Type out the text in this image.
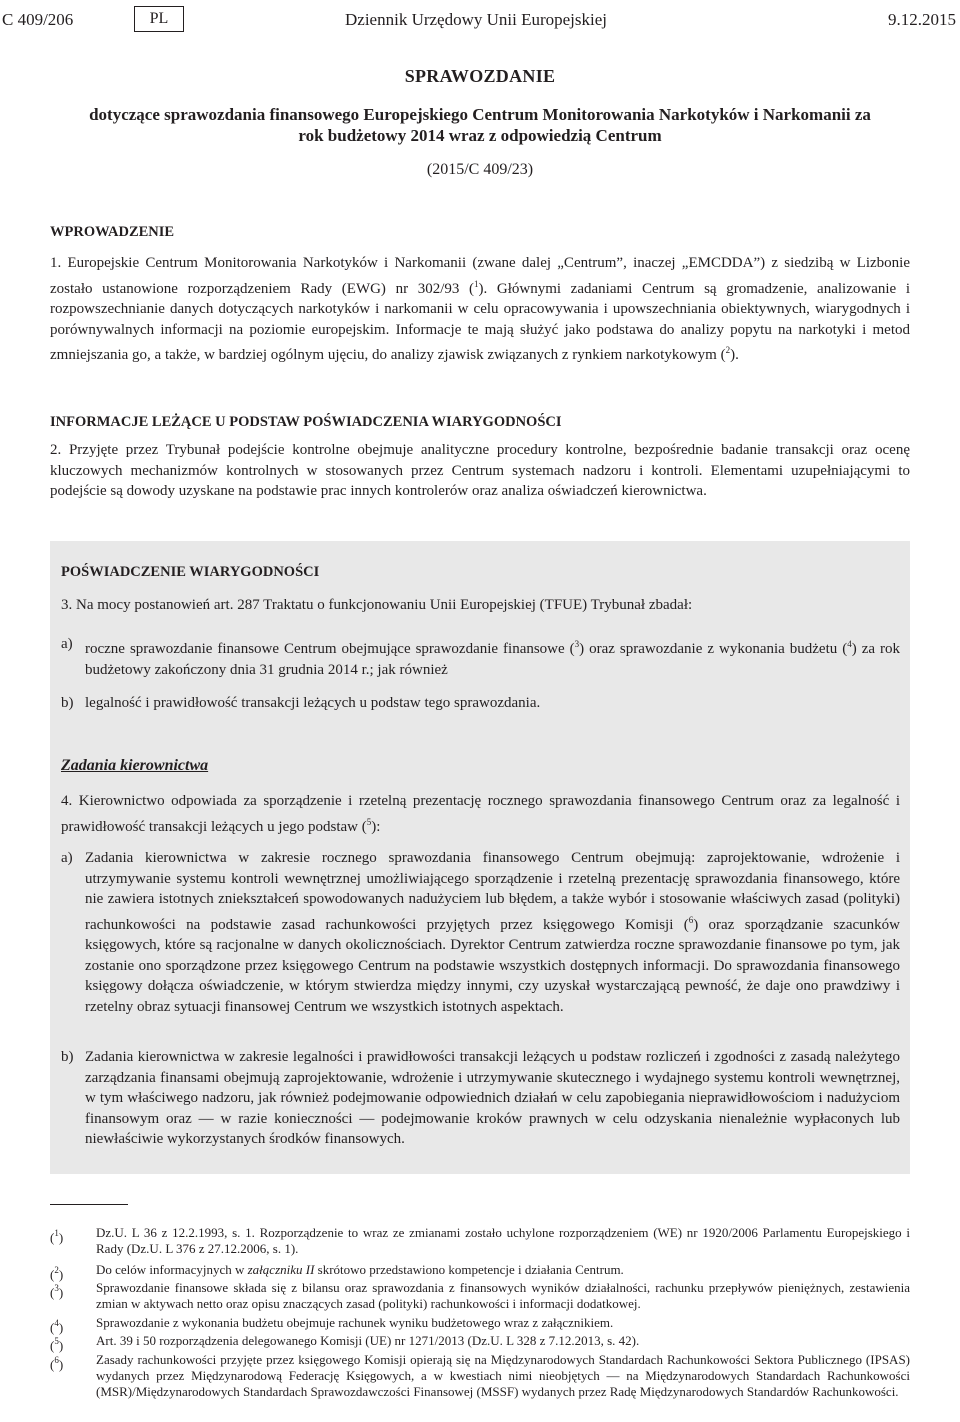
C 409/206	PL	Dziennik Urzędowy Unii Europejskiej	9.12.2015
SPRAWOZDANIE
dotyczące sprawozdania finansowego Europejskiego Centrum Monitorowania Narkotyków i Narkomanii za rok budżetowy 2014 wraz z odpowiedzią Centrum
(2015/C 409/23)
WPROWADZENIE

1. Europejskie Centrum Monitorowania Narkotyków i Narkomanii (zwane dalej „Centrum”, inaczej „EMCDDA”) z siedzibą w Lizbonie zostało ustanowione rozporządzeniem Rady (EWG) nr 302/93 ($^1$). Głównymi zadaniami Centrum są gromadzenie, analizowanie i rozpowszechnianie danych dotyczących narkotyków i narkomanii w celu opracowywania i upowszechniania obiektywnych, wiarygodnych i porównywalnych informacji na poziomie europejskim. Informacje te mają służyć jako podstawa do analizy popytu na narkotyki i metod zmniejszania go, a także, w bardziej ogólnym ujęciu, do analizy zjawisk związanych z rynkiem narkotykowym ($^2$).

INFORMACJE LEŻĄCE U PODSTAW POŚWIADCZENIA WIARYGODNOŚCI

2. Przyjęte przez Trybunał podejście kontrolne obejmuje analityczne procedury kontrolne, bezpośrednie badanie transakcji oraz ocenę kluczowych mechanizmów kontrolnych w stosowanych przez Centrum systemach nadzoru i kontroli. Elementami uzupełniającymi to podejście są dowody uzyskane na podstawie prac innych kontrolerów oraz analiza oświadczeń kierownictwa.

POŚWIADCZENIE WIARYGODNOŚCI

3. Na mocy postanowień art. 287 Traktatu o funkcjonowaniu Unii Europejskiej (TFUE) Trybunał zbadał:

a) roczne sprawozdanie finansowe Centrum obejmujące sprawozdanie finansowe ($^3$) oraz sprawozdanie z wykonania budżetu ($^4$) za rok budżetowy zakończony dnia 31 grudnia 2014 r.; jak również
b) legalność i prawidłowość transakcji leżących u podstaw tego sprawozdania.
Zadania kierownictwa

4. Kierownictwo odpowiada za sporządzenie i rzetelną prezentację rocznego sprawozdania finansowego Centrum oraz za legalność i prawidłowość transakcji leżących u jego podstaw ($^5$):

a) Zadania kierownictwa w zakresie rocznego sprawozdania finansowego Centrum obejmują: zaprojektowanie, wdrożenie i utrzymywanie systemu kontroli wewnętrznej umożliwiającego sporządzenie i rzetelną prezentację sprawozdania finansowego, które nie zawiera istotnych zniekształceń spowodowanych nadużyciem lub błędem, a także wybór i stosowanie właściwych zasad (polityki) rachunkowości na podstawie zasad rachunkowości przyjętych przez księgowego Komisji ($^6$) oraz sporządzanie szacunków księgowych, które są racjonalne w danych okolicznościach. Dyrektor Centrum zatwierdza roczne sprawozdanie finansowe po tym, jak zostanie ono sporządzone przez księgowego Centrum na podstawie wszystkich dostępnych informacji. Do sprawozdania finansowego księgowy dołącza oświadczenie, w którym stwierdza między innymi, czy uzyskał wystarczającą pewność, że daje ono prawdziwy i rzetelny obraz sytuacji finansowej Centrum we wszystkich istotnych aspektach.
b) Zadania kierownictwa w zakresie legalności i prawidłowości transakcji leżących u podstaw rozliczeń i zgodności z zasadą należytego zarządzania finansami obejmują zaprojektowanie, wdrożenie i utrzymywanie skutecznego i wydajnego systemu kontroli wewnętrznej, w tym właściwego nadzoru, jak również podejmowanie odpowiednich działań w celu zapobiegania nieprawidłowościom i nadużyciom finansowym oraz — w razie konieczności — podejmowanie kroków prawnych w celu odzyskania nienależnie wypłaconych lub niewłaściwie wykorzystanych środków finansowych.
($^1$)	Dz.U. L 36 z 12.2.1993, s. 1. Rozporządzenie to wraz ze zmianami zostało uchylone rozporządzeniem (WE) nr 1920/2006 Parlamentu Europejskiego i Rady (Dz.U. L 376 z 27.12.2006, s. 1).
($^2$)	Do celów informacyjnych w załączniku II skrótowo przedstawiono kompetencje i działania Centrum.
($^3$)	Sprawozdanie finansowe składa się z bilansu oraz sprawozdania z finansowych wyników działalności, rachunku przepływów pieniężnych, zestawienia zmian w aktywach netto oraz opisu znaczących zasad (polityki) rachunkowości i informacji dodatkowej.
($^4$)	Sprawozdanie z wykonania budżetu obejmuje rachunek wyniku budżetowego wraz z załącznikiem.
($^5$)	Art. 39 i 50 rozporządzenia delegowanego Komisji (UE) nr 1271/2013 (Dz.U. L 328 z 7.12.2013, s. 42).
($^6$)	Zasady rachunkowości przyjęte przez księgowego Komisji opierają się na Międzynarodowych Standardach Rachunkowości Sektora Publicznego (IPSAS) wydanych przez Międzynarodową Federację Księgowych, a w kwestiach nimi nieobjętych — na Międzynarodowych Standardach Rachunkowości (MSR)/Międzynarodowych Standardach Sprawozdawczości Finansowej (MSSF) wydanych przez Radę Międzynarodowych Standardów Rachunkowości.
